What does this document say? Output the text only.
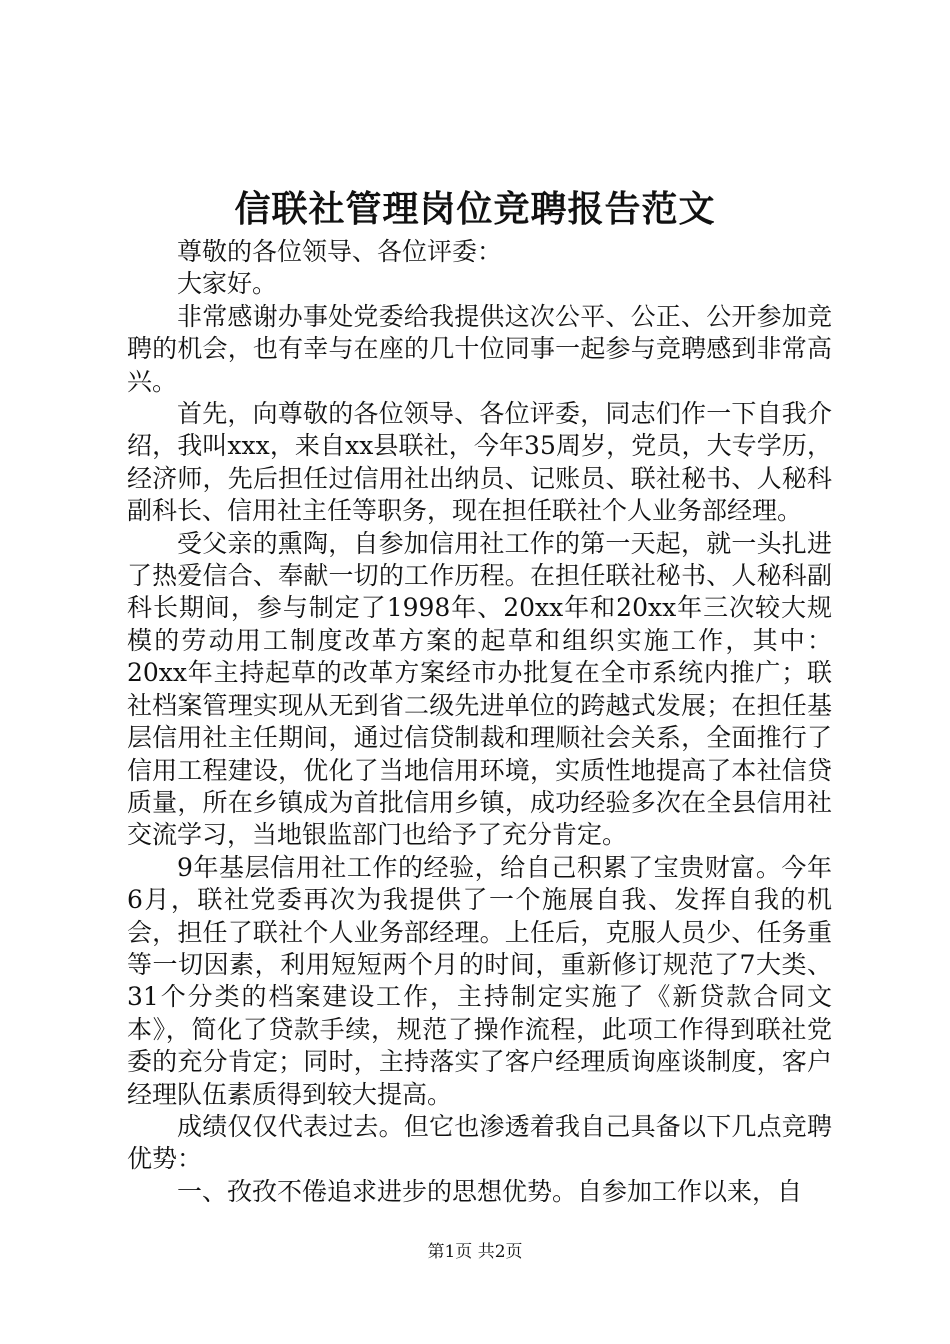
信联社管理岗位竞聘报告范文

尊敬的各位领导、各位评委：

大家好。

非常感谢办事处党委给我提供这次公平、公正、公开参加竞聘的机会，也有幸与在座的几十位同事一起参与竞聘感到非常高兴。

首先，向尊敬的各位领导、各位评委，同志们作一下自我介绍，我叫xxx，来自xx县联社，今年35周岁，党员，大专学历，经济师，先后担任过信用社出纳员、记账员、联社秘书、人秘科副科长、信用社主任等职务，现在担任联社个人业务部经理。

受父亲的熏陶，自参加信用社工作的第一天起，就一头扎进了热爱信合、奉献一切的工作历程。在担任联社秘书、人秘科副科长期间，参与制定了1998年、20xx年和20xx年三次较大规模的劳动用工制度改革方案的起草和组织实施工作，其中：20xx年主持起草的改革方案经市办批复在全市系统内推广；联社档案管理实现从无到省二级先进单位的跨越式发展；在担任基层信用社主任期间，通过信贷制裁和理顺社会关系，全面推行了信用工程建设，优化了当地信用环境，实质性地提高了本社信贷质量，所在乡镇成为首批信用乡镇，成功经验多次在全县信用社交流学习，当地银监部门也给予了充分肯定。

9年基层信用社工作的经验，给自己积累了宝贵财富。今年6月，联社党委再次为我提供了一个施展自我、发挥自我的机会，担任了联社个人业务部经理。上任后，克服人员少、任务重等一切因素，利用短短两个月的时间，重新修订规范了7大类、31个分类的档案建设工作，主持制定实施了《新贷款合同文本》，简化了贷款手续，规范了操作流程，此项工作得到联社党委的充分肯定；同时，主持落实了客户经理质询座谈制度，客户经理队伍素质得到较大提高。

成绩仅仅代表过去。但它也渗透着我自己具备以下几点竞聘优势：

一、孜孜不倦追求进步的思想优势。自参加工作以来，自

第1页 共2页
